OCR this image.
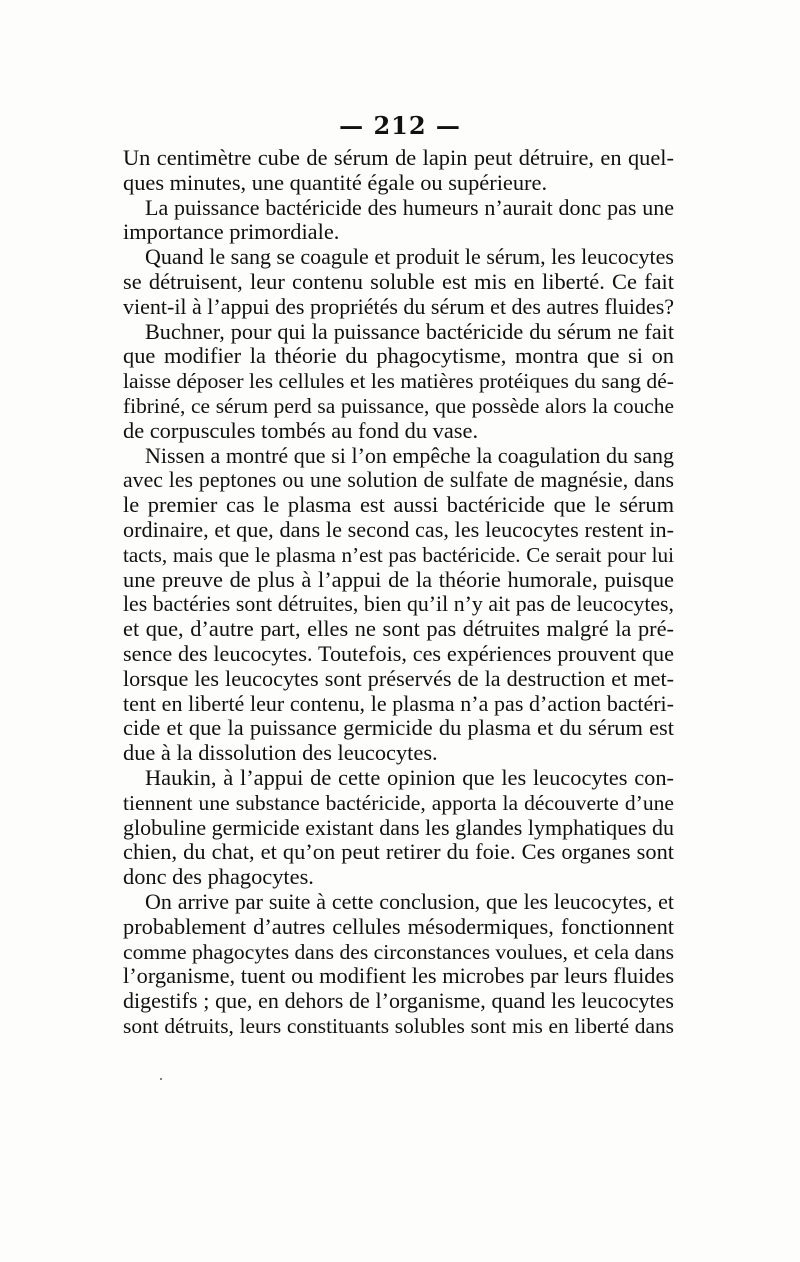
— 212 —
Un centimètre cube de sérum de lapin peut détruire, en quel-
ques minutes, une quantité égale ou supérieure.
La puissance bactéricide des humeurs n’aurait donc pas une
importance primordiale.
Quand le sang se coagule et produit le sérum, les leucocytes
se détruisent, leur contenu soluble est mis en liberté. Ce fait
vient-il à l’appui des propriétés du sérum et des autres fluides?
Buchner, pour qui la puissance bactéricide du sérum ne fait
que modifier la théorie du phagocytisme, montra que si on
laisse déposer les cellules et les matières protéiques du sang dé-
fibriné, ce sérum perd sa puissance, que possède alors la couche
de corpuscules tombés au fond du vase.
Nissen a montré que si l’on empêche la coagulation du sang
avec les peptones ou une solution de sulfate de magnésie, dans
le premier cas le plasma est aussi bactéricide que le sérum
ordinaire, et que, dans le second cas, les leucocytes restent in-
tacts, mais que le plasma n’est pas bactéricide. Ce serait pour lui
une preuve de plus à l’appui de la théorie humorale, puisque
les bactéries sont détruites, bien qu’il n’y ait pas de leucocytes,
et que, d’autre part, elles ne sont pas détruites malgré la pré-
sence des leucocytes. Toutefois, ces expériences prouvent que
lorsque les leucocytes sont préservés de la destruction et met-
tent en liberté leur contenu, le plasma n’a pas d’action bactéri-
cide et que la puissance germicide du plasma et du sérum est
due à la dissolution des leucocytes.
Haukin, à l’appui de cette opinion que les leucocytes con-
tiennent une substance bactéricide, apporta la découverte d’une
globuline germicide existant dans les glandes lymphatiques du
chien, du chat, et qu’on peut retirer du foie. Ces organes sont
donc des phagocytes.
On arrive par suite à cette conclusion, que les leucocytes, et
probablement d’autres cellules mésodermiques, fonctionnent
comme phagocytes dans des circonstances voulues, et cela dans
l’organisme, tuent ou modifient les microbes par leurs fluides
digestifs ; que, en dehors de l’organisme, quand les leucocytes
sont détruits, leurs constituants solubles sont mis en liberté dans
